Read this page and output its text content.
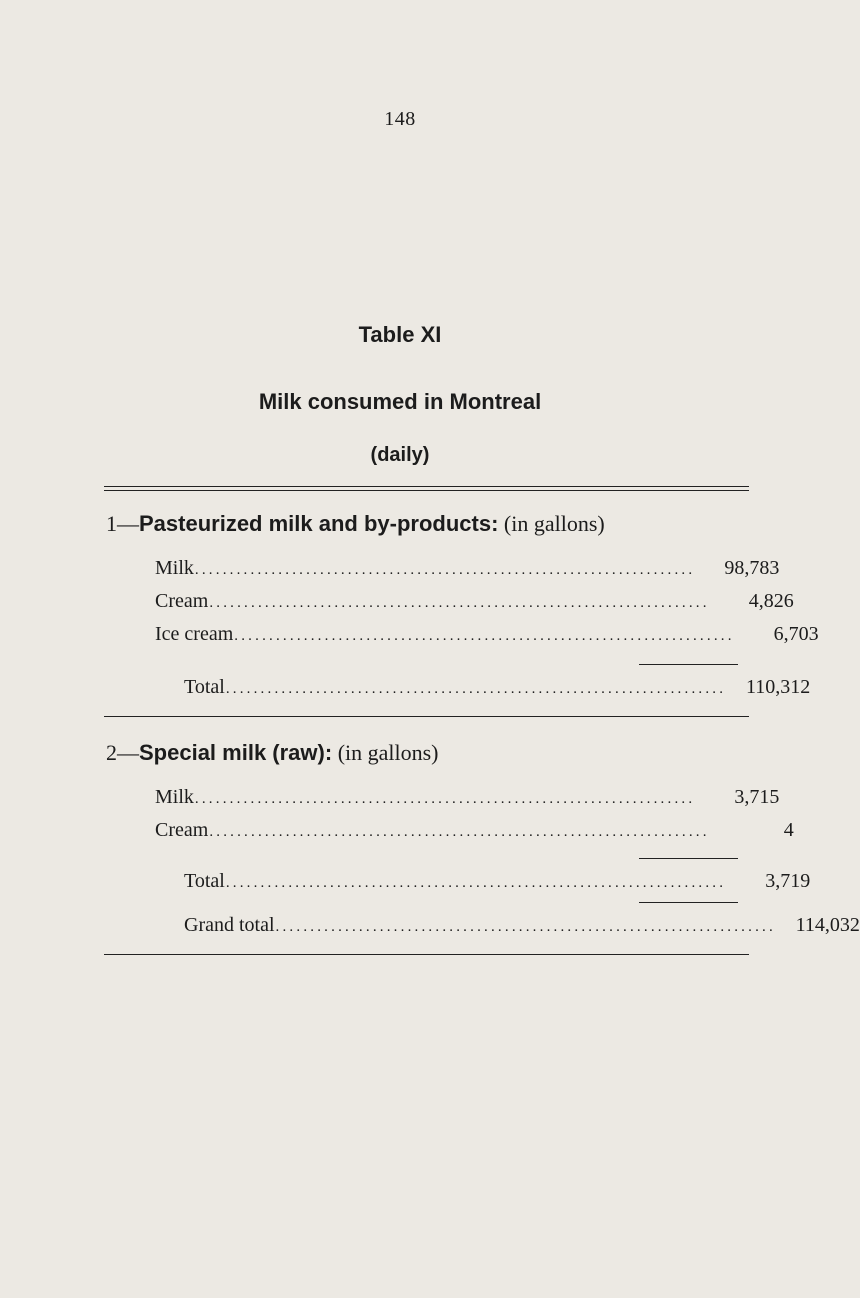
148
Table XI
Milk consumed in Montreal
(daily)
1—Pasteurized milk and by-products: (in gallons)
Milk ........................................................................	98,783
Cream ........................................................................	4,826
Ice cream ........................................................................	6,703
Total ........................................................................ 110,312
2—Special milk (raw): (in gallons)
Milk ........................................................................	3,715
Cream ........................................................................	4
Total ........................................................................	3,719
Grand total ........................................................................ 114,032
